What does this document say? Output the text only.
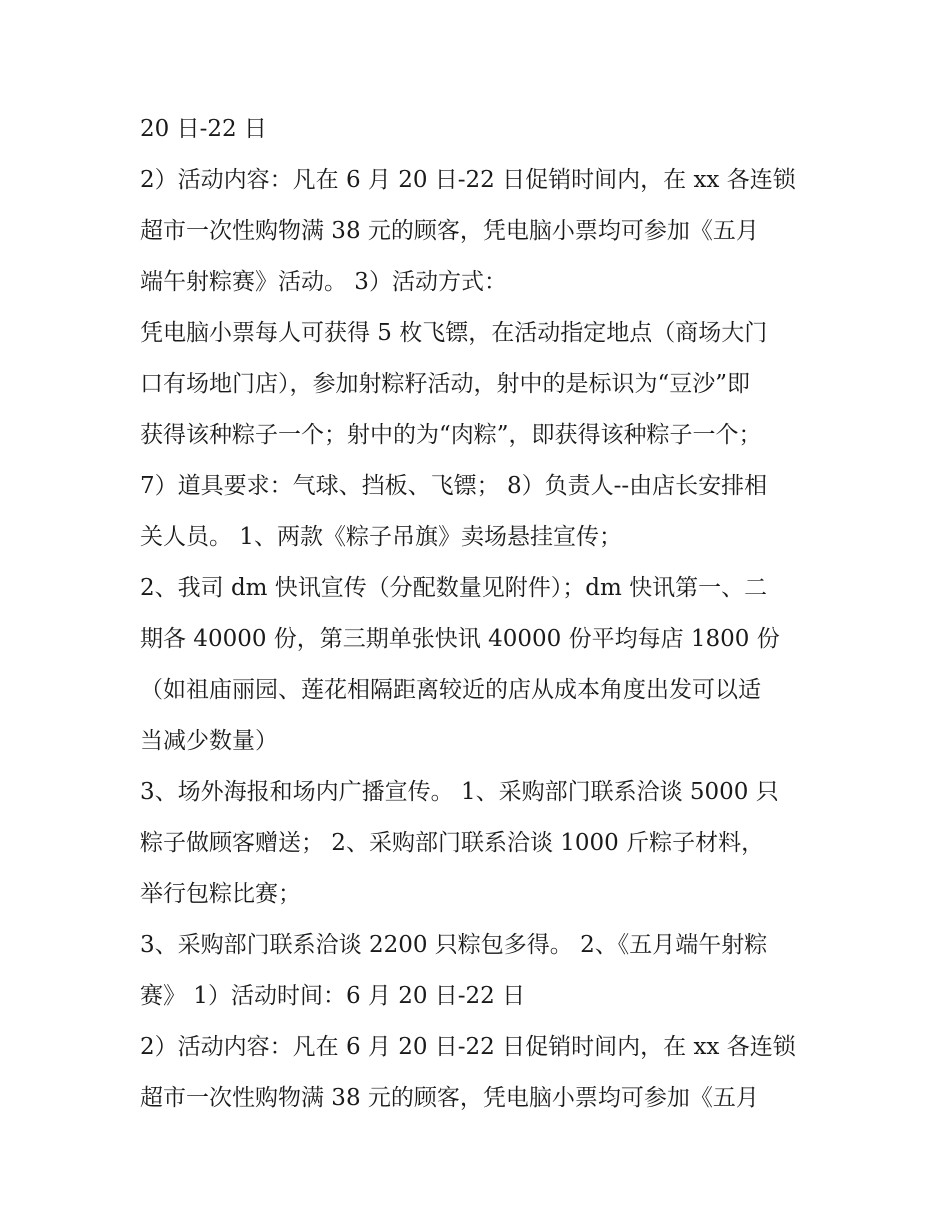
20 日-22 日
2）活动内容：凡在 6 月 20 日-22 日促销时间内，在 xx 各连锁
超市一次性购物满 38 元的顾客，凭电脑小票均可参加《五月
端午射粽赛》活动。 3）活动方式：
凭电脑小票每人可获得 5 枚飞镖，在活动指定地点（商场大门
口有场地门店），参加射粽籽活动，射中的是标识为“豆沙”即
获得该种粽子一个；射中的为“肉粽”，即获得该种粽子一个；
7）道具要求：气球、挡板、飞镖； 8）负责人--由店长安排相
关人员。 1、两款《粽子吊旗》卖场悬挂宣传；
2、我司 dm 快讯宣传（分配数量见附件）；dm 快讯第一、二
期各 40000 份，第三期单张快讯 40000 份平均每店 1800 份
（如祖庙丽园、莲花相隔距离较近的店从成本角度出发可以适
当减少数量）
3、场外海报和场内广播宣传。 1、采购部门联系洽谈 5000 只
粽子做顾客赠送； 2、采购部门联系洽谈 1000 斤粽子材料，
举行包粽比赛；
3、采购部门联系洽谈 2200 只粽包多得。 2、《五月端午射粽
赛》 1）活动时间：6 月 20 日-22 日
2）活动内容：凡在 6 月 20 日-22 日促销时间内，在 xx 各连锁
超市一次性购物满 38 元的顾客，凭电脑小票均可参加《五月
